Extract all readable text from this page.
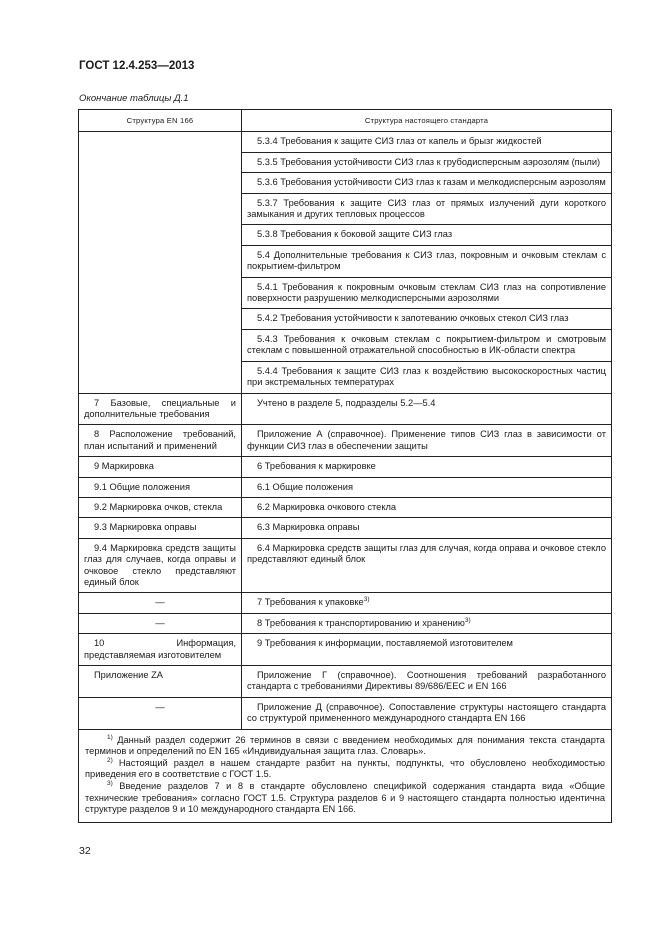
ГОСТ 12.4.253—2013
Окончание таблицы Д.1
Структура EN 166	Структура настоящего стандарта
	5.3.4 Требования к защите СИЗ глаз от капель и брызг жидкостей
	5.3.5 Требования устойчивости СИЗ глаз к грубодисперсным аэрозолям (пыли)
	5.3.6 Требования устойчивости СИЗ глаз к газам и мелкодисперсным аэрозолям
	5.3.7 Требования к защите СИЗ глаз от прямых излучений дуги короткого замыкания и других тепловых процессов
	5.3.8 Требования к боковой защите СИЗ глаз
	5.4 Дополнительные требования к СИЗ глаз, покровным и очковым стеклам с покрытием-фильтром
	5.4.1 Требования к покровным очковым стеклам СИЗ глаз на сопротивление поверхности разрушению мелкодисперсными аэрозолями
	5.4.2 Требования устойчивости к запотеванию очковых стекол СИЗ глаз
	5.4.3 Требования к очковым стеклам с покрытием-фильтром и смотровым стеклам с повышенной отражательной способностью в ИК-области спектра
	5.4.4 Требования к защите СИЗ глаз к воздействию высокоскоростных частиц при экстремальных температурах
7 Базовые, специальные и дополнительные требования	Учтено в разделе 5, подразделы 5.2—5.4
8 Расположение требований, план испытаний и применений	Приложение А (справочное). Применение типов СИЗ глаз в зависимости от функции СИЗ глаз в обеспечении защиты
9 Маркировка	6 Требования к маркировке
9.1 Общие положения	6.1 Общие положения
9.2 Маркировка очков, стекла	6.2 Маркировка очкового стекла
9.3 Маркировка оправы	6.3 Маркировка оправы
9.4 Маркировка средств защиты глаз для случаев, когда оправы и очковое стекло представляют единый блок	6.4 Маркировка средств защиты глаз для случая, когда оправа и очковое стекло представляют единый блок
—	7 Требования к упаковке$^{3)}$
—	8 Требования к транспортированию и хранению$^{3)}$
10 Информация, представляемая изготовителем	9 Требования к информации, поставляемой изготовителем
Приложение ZA	Приложение Г (справочное). Соотношения требований разработанного стандарта с требованиями Директивы 89/686/EEC и EN 166
—	Приложение Д (справочное). Сопоставление структуры настоящего стандарта со структурой примененного международного стандарта EN 166

$^{1)}$ Данный раздел содержит 26 терминов в связи с введением необходимых для понимания текста стандарта терминов и определений по EN 165 «Индивидуальная защита глаз. Словарь».

$^{2)}$ Настоящий раздел в нашем стандарте разбит на пункты, подпункты, что обусловлено необходимостью приведения его в соответствие с ГОСТ 1.5.

$^{3)}$ Введение разделов 7 и 8 в стандарте обусловлено спецификой содержания стандарта вида «Общие технические требования» согласно ГОСТ 1.5. Структура разделов 6 и 9 настоящего стандарта полностью идентична структуре разделов 9 и 10 международного стандарта EN 166.	

32
